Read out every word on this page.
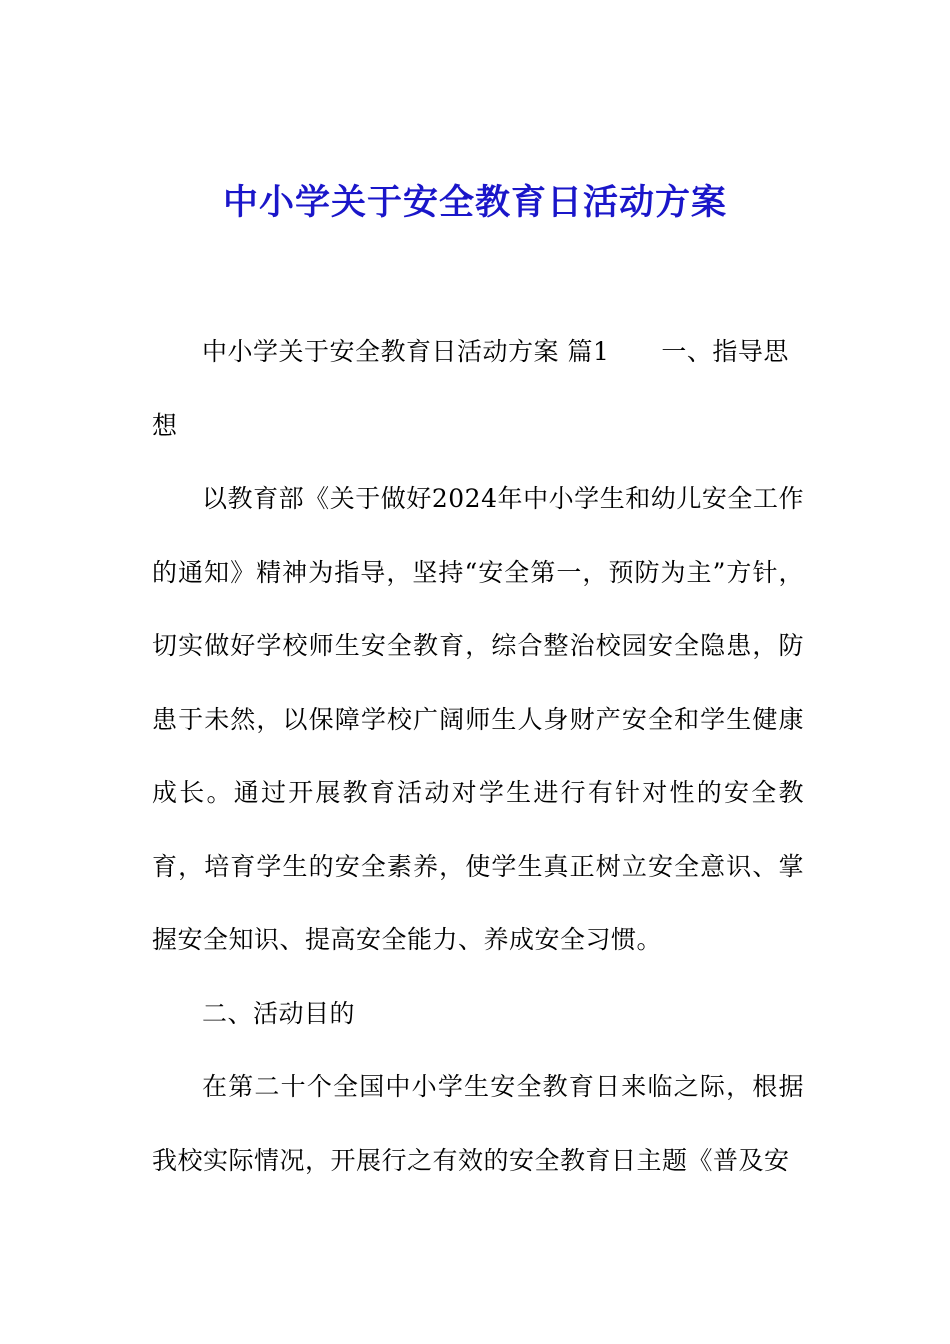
中小学关于安全教育日活动方案

中小学关于安全教育日活动方案 篇1 一、指导思想

以教育部《关于做好2024年中小学生和幼儿安全工作的通知》精神为指导，坚持“安全第一，预防为主”方针，切实做好学校师生安全教育，综合整治校园安全隐患，防患于未然，以保障学校广阔师生人身财产安全和学生健康成长。通过开展教育活动对学生进行有针对性的安全教育，培育学生的安全素养，使学生真正树立安全意识、掌握安全知识、提高安全能力、养成安全习惯。

二、活动目的

在第二十个全国中小学生安全教育日来临之际，根据我校实际情况，开展行之有效的安全教育日主题《普及安
